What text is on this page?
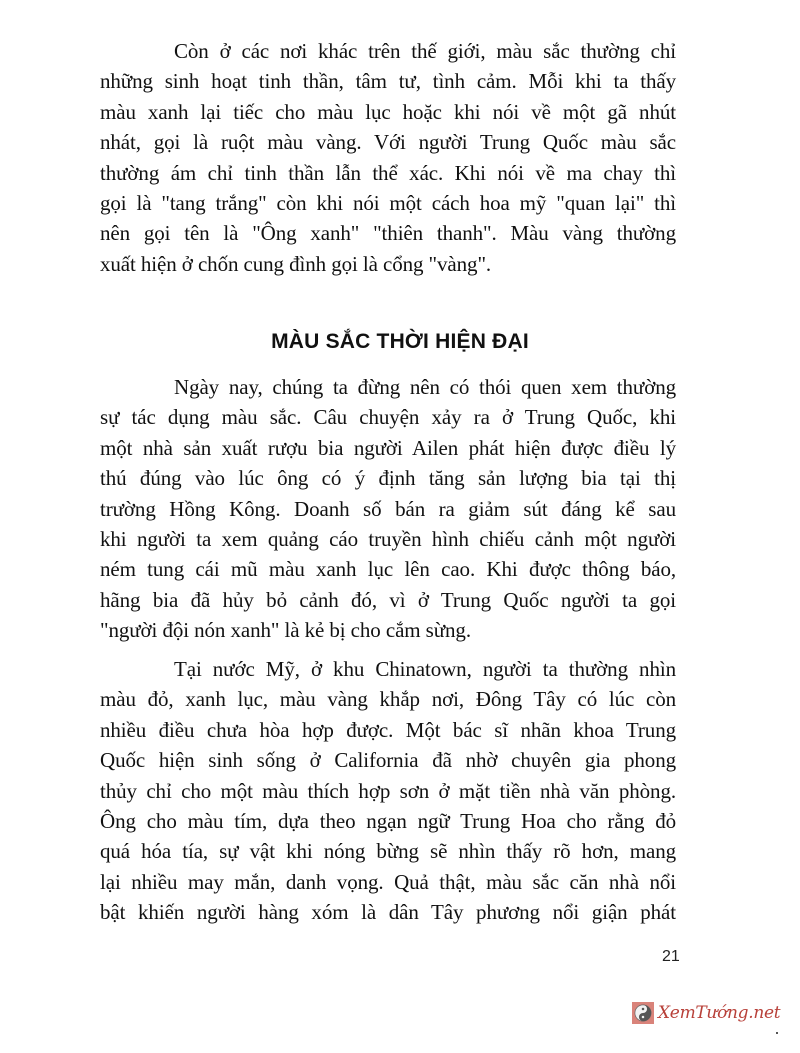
Còn ở các nơi khác trên thế giới, màu sắc thường chỉ
những sinh hoạt tinh thần, tâm tư, tình cảm. Mỗi khi ta thấy
màu xanh lại tiếc cho màu lục hoặc khi nói về một gã nhút
nhát, gọi là ruột màu vàng. Với người Trung Quốc màu sắc
thường ám chỉ tinh thần lẫn thể xác. Khi nói về ma chay thì
gọi là "tang trắng" còn khi nói một cách hoa mỹ "quan lại" thì
nên gọi tên là "Ông xanh" "thiên thanh". Màu vàng thường
xuất hiện ở chốn cung đình gọi là cổng "vàng".
MÀU SẮC THỜI HIỆN ĐẠI
Ngày nay, chúng ta đừng nên có thói quen xem thường
sự tác dụng màu sắc. Câu chuyện xảy ra ở Trung Quốc, khi
một nhà sản xuất rượu bia người Ailen phát hiện được điều lý
thú đúng vào lúc ông có ý định tăng sản lượng bia tại thị
trường Hồng Kông. Doanh số bán ra giảm sút đáng kể sau
khi người ta xem quảng cáo truyền hình chiếu cảnh một người
ném tung cái mũ màu xanh lục lên cao. Khi được thông báo,
hãng bia đã hủy bỏ cảnh đó, vì ở Trung Quốc người ta gọi
"người đội nón xanh" là kẻ bị cho cắm sừng.
Tại nước Mỹ, ở khu Chinatown, người ta thường nhìn
màu đỏ, xanh lục, màu vàng khắp nơi, Đông Tây có lúc còn
nhiều điều chưa hòa hợp được. Một bác sĩ nhãn khoa Trung
Quốc hiện sinh sống ở California đã nhờ chuyên gia phong
thủy chỉ cho một màu thích hợp sơn ở mặt tiền nhà văn phòng.
Ông cho màu tím, dựa theo ngạn ngữ Trung Hoa cho rằng đỏ
quá hóa tía, sự vật khi nóng bừng sẽ nhìn thấy rõ hơn, mang
lại nhiều may mắn, danh vọng. Quả thật, màu sắc căn nhà nổi
bật khiến người hàng xóm là dân Tây phương nổi giận phát
21
XemTướng.net
